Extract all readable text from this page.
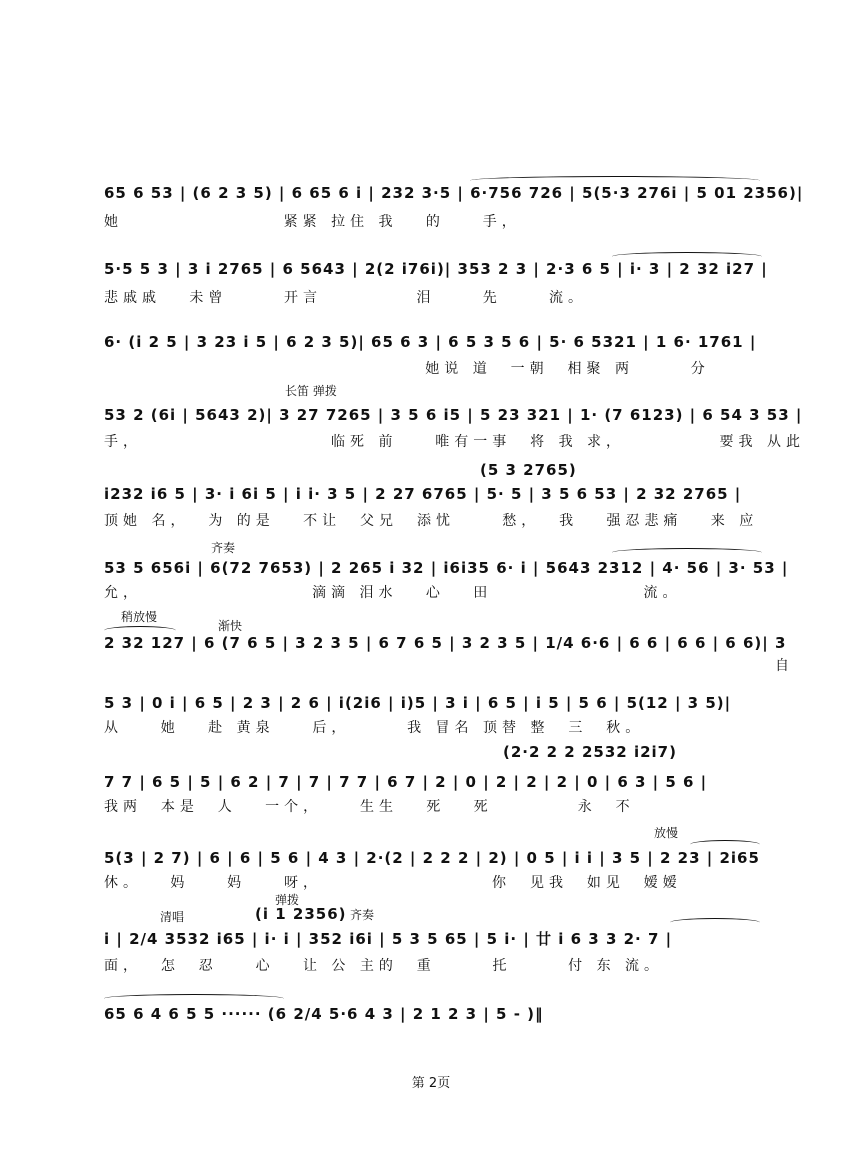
65 6 53 | (6 2 3 5) | 6 65 6 i | 232 3·5 | 6·756 726 | 5(5·3 276i | 5 01 2356)|
她                 紧紧 拉住 我   的    手，
5·5 5 3 | 3 i 2765 | 6 5643 | 2(2 i76i)| 353 2 3 | 2·3 6 5 | i· 3 | 2 32 i27 |
悲戚戚   未曾      开言          泪     先     流。
6· (i 2 5 | 3 23 i 5 | 6 2 3 5)| 65 6 3 | 6 5 3 5 6 | 5· 6 5321 | 1 6· 1761 |
她说 道  一朝  相聚 两      分
长笛 弹拨
53 2 (6i | 5643 2)| 3 27 7265 | 3 5 6 i5 | 5 23 321 | 1· (7 6123) | 6 54 3 53 |
手，                    临死 前    唯有一事  将 我 求，          要我 从此
(5 3 2765)
i232 i6 5 | 3· i 6i 5 | i i· 3 5 | 2 27 6765 | 5· 5 | 3 5 6 53 | 2 32 2765 |
顶她 名，  为 的是   不让  父兄  添忧     愁，  我   强忍悲痛   来 应
齐奏
53 5 656i | 6(72 7653) | 2 265 i 32 | i6i35 6· i | 5643 2312 | 4· 56 | 3· 53 |
允，                  滴滴 泪水   心   田                流。
稍放慢
渐快
2 32 127 | 6 (7 6 5 | 3 2 3 5 | 6 7 6 5 | 3 2 3 5 | 1/4 6·6 | 6 6 | 6 6 | 6 6)| 3
自
5 3 | 0 i | 6 5 | 2 3 | 2 6 | i(2i6 | i)5 | 3 i | 6 5 | i 5 | 5 6 | 5(12 | 3 5)|
从    她   赴 黄泉    后，      我 冒名 顶替 整  三  秋。
(2·2 2 2 2532 i2i7)
7 7 | 6 5 | 5 | 6 2 | 7 | 7 | 7 7 | 6 7 | 2 | 0 | 2 | 2 | 2 | 0 | 6 3 | 5 6 |
我两  本是  人   一个，    生生   死   死         永  不
放慢
5(3 | 2 7) | 6 | 6 | 5 6 | 4 3 | 2·(2 | 2 2 2 | 2) | 0 5 | i i | 3 5 | 2 23 | 2i65
休。   妈    妈    呀，                  你  见我  如见  嫒嫒
弹拨
清唱	(i 1 2356) 齐奏
i | 2/4 3532 i65 | i· i | 352 i6i | 5 3 5 65 | 5 i· | 廿 i 6 3 3 2· 7 |
面，  怎  忍    心   让 公 主的  重      托      付 东 流。
65 6 4 6 5 5 ······ (6 2/4 5·6 4 3 | 2 1 2 3 | 5 - )‖
第 2页
